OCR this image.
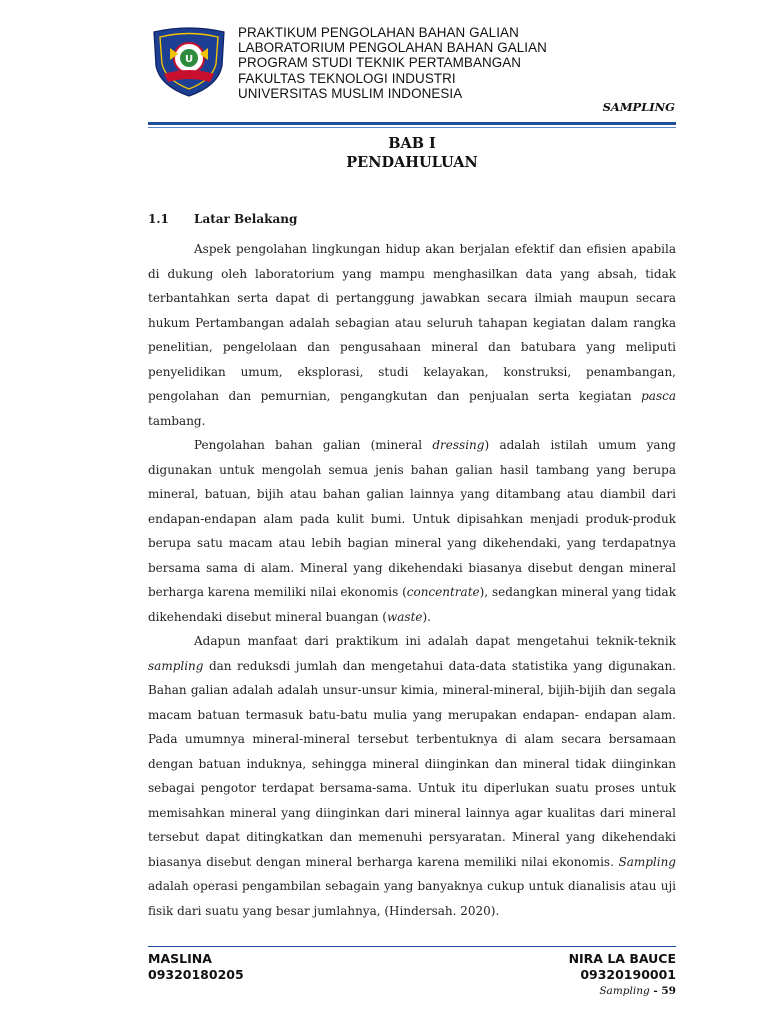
U
PRAKTIKUM PENGOLAHAN BAHAN GALIAN
LABORATORIUM PENGOLAHAN BAHAN GALIAN
PROGRAM STUDI TEKNIK PERTAMBANGAN
FAKULTAS TEKNOLOGI INDUSTRI
UNIVERSITAS MUSLIM INDONESIA
SAMPLING
BAB I
PENDAHULUAN
1.1 Latar Belakang

Aspek pengolahan lingkungan hidup akan berjalan efektif dan efisien apabila di dukung oleh laboratorium yang mampu menghasilkan data yang absah, tidak terbantahkan serta dapat di pertanggung jawabkan secara ilmiah maupun secara hukum Pertambangan adalah sebagian atau seluruh tahapan kegiatan dalam rangka penelitian, pengelolaan dan pengusahaan mineral dan batubara yang meliputi penyelidikan umum, eksplorasi, studi kelayakan, konstruksi, penambangan, pengolahan dan pemurnian, pengangkutan dan penjualan serta kegiatan pasca tambang.

Pengolahan bahan galian (mineral dressing) adalah istilah umum yang digunakan untuk mengolah semua jenis bahan galian hasil tambang yang berupa mineral, batuan, bijih atau bahan galian lainnya yang ditambang atau diambil dari endapan-endapan alam pada kulit bumi. Untuk dipisahkan menjadi produk-produk berupa satu macam atau lebih bagian mineral yang dikehendaki, yang terdapatnya bersama sama di alam. Mineral yang dikehendaki biasanya disebut dengan mineral berharga karena memiliki nilai ekonomis (concentrate), sedangkan mineral yang tidak dikehendaki disebut mineral buangan (waste).

Adapun manfaat dari praktikum ini adalah dapat mengetahui teknik-teknik sampling dan reduksdi jumlah dan mengetahui data-data statistika yang digunakan. Bahan galian adalah adalah unsur-unsur kimia, mineral-mineral, bijih-bijih dan segala macam batuan termasuk batu-batu mulia yang merupakan endapan- endapan alam. Pada umumnya mineral-mineral tersebut terbentuknya di alam secara bersamaan dengan batuan induknya, sehingga mineral diinginkan dan mineral tidak diinginkan sebagai pengotor terdapat bersama-sama. Untuk itu diperlukan suatu proses untuk memisahkan mineral yang diinginkan dari mineral lainnya agar kualitas dari mineral tersebut dapat ditingkatkan dan memenuhi persyaratan. Mineral yang dikehendaki biasanya disebut dengan mineral berharga karena memiliki nilai ekonomis. Sampling adalah operasi pengambilan sebagain yang banyaknya cukup untuk dianalisis atau uji fisik dari suatu yang besar jumlahnya, (Hindersah. 2020).

MASLINA
09320180205
NIRA LA BAUCE
09320190001
Sampling - 59
